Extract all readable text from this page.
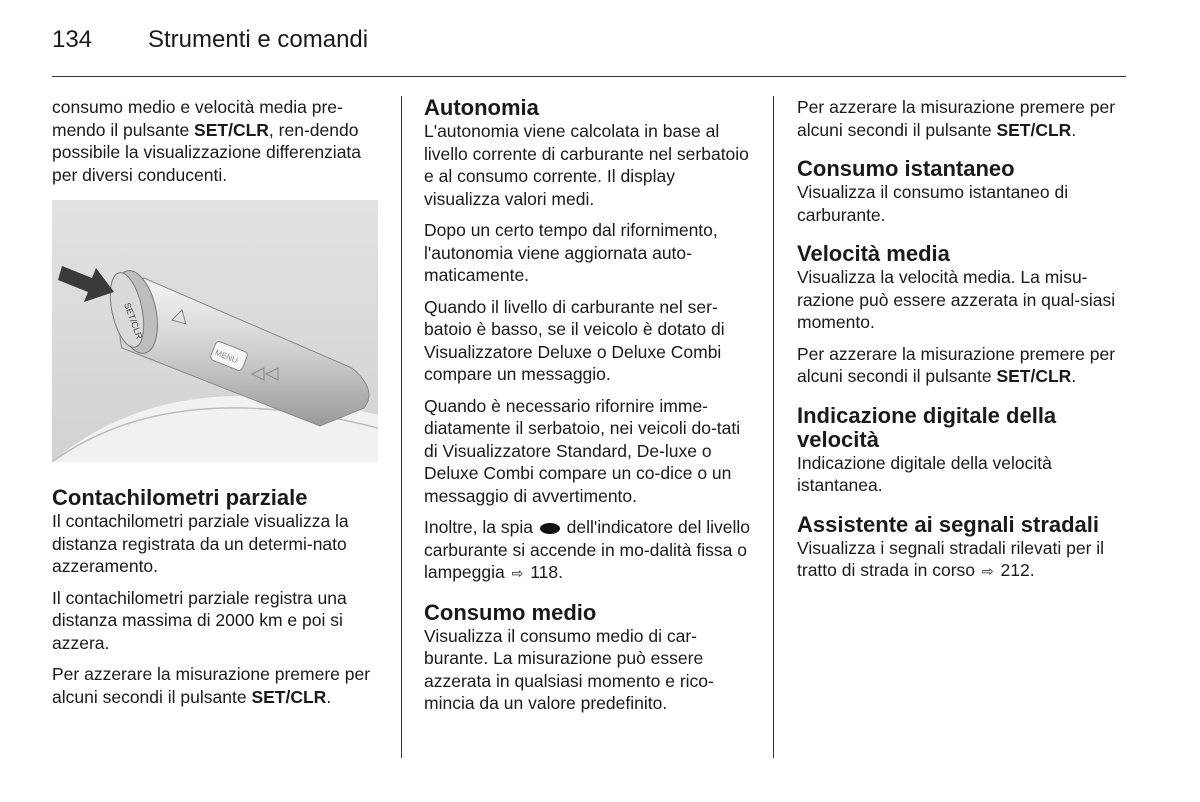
134 Strumenti e comandi

consumo medio e velocità media pre-mendo il pulsante SET/CLR, ren-dendo possibile la visualizzazione differenziata per diversi conducenti.

SET/CLR
MENU
Contachilometri parziale

Il contachilometri parziale visualizza la distanza registrata da un determi-nato azzeramento.

Il contachilometri parziale registra una distanza massima di 2000 km e poi si azzera.

Per azzerare la misurazione premere per alcuni secondi il pulsante SET/CLR.

Autonomia

L'autonomia viene calcolata in base al livello corrente di carburante nel serbatoio e al consumo corrente. Il display visualizza valori medi.

Dopo un certo tempo dal rifornimento, l'autonomia viene aggiornata auto-maticamente.

Quando il livello di carburante nel ser-batoio è basso, se il veicolo è dotato di Visualizzatore Deluxe o Deluxe Combi compare un messaggio.

Quando è necessario rifornire imme-diatamente il serbatoio, nei veicoli do-tati di Visualizzatore Standard, De-luxe o Deluxe Combi compare un co-dice o un messaggio di avvertimento.

Inoltre, la spia  dell'indicatore del livello carburante si accende in mo-dalità fissa o lampeggia ⇨ 118.

Consumo medio

Visualizza il consumo medio di car-burante. La misurazione può essere azzerata in qualsiasi momento e rico-mincia da un valore predefinito.

Per azzerare la misurazione premere per alcuni secondi il pulsante SET/CLR.

Consumo istantaneo

Visualizza il consumo istantaneo di carburante.

Velocità media

Visualizza la velocità media. La misu-razione può essere azzerata in qual-siasi momento.

Per azzerare la misurazione premere per alcuni secondi il pulsante SET/CLR.

Indicazione digitale della velocità

Indicazione digitale della velocità istantanea.

Assistente ai segnali stradali

Visualizza i segnali stradali rilevati per il tratto di strada in corso ⇨ 212.
